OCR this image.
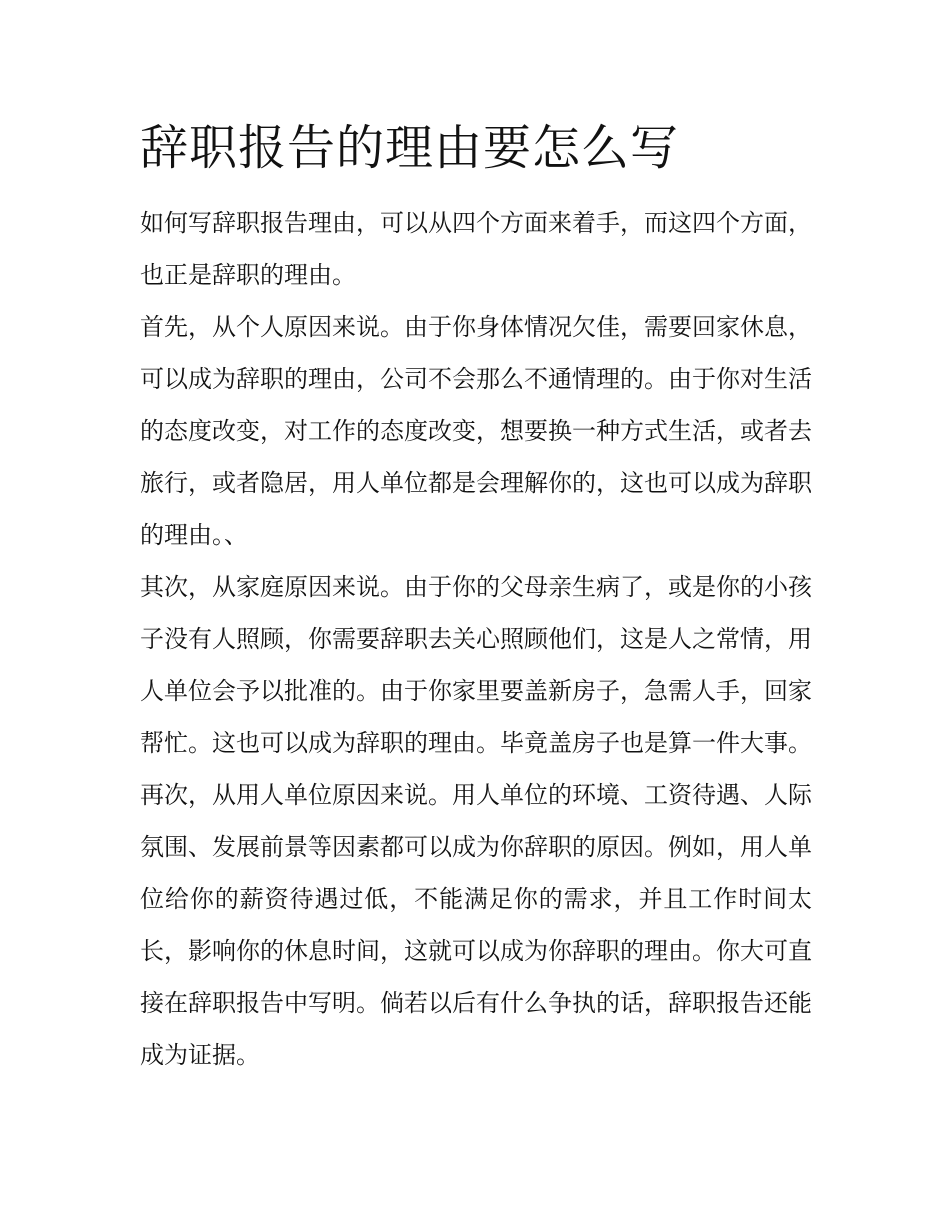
辞职报告的理由要怎么写

如何写辞职报告理由，可以从四个方面来着手，而这四个方面，也正是辞职的理由。

首先，从个人原因来说。由于你身体情况欠佳，需要回家休息，可以成为辞职的理由，公司不会那么不通情理的。由于你对生活的态度改变，对工作的态度改变，想要换一种方式生活，或者去旅行，或者隐居，用人单位都是会理解你的，这也可以成为辞职的理由。、

其次，从家庭原因来说。由于你的父母亲生病了，或是你的小孩子没有人照顾，你需要辞职去关心照顾他们，这是人之常情，用人单位会予以批准的。由于你家里要盖新房子，急需人手，回家帮忙。这也可以成为辞职的理由。毕竟盖房子也是算一件大事。

再次，从用人单位原因来说。用人单位的环境、工资待遇、人际氛围、发展前景等因素都可以成为你辞职的原因。例如，用人单位给你的薪资待遇过低，不能满足你的需求，并且工作时间太长，影响你的休息时间，这就可以成为你辞职的理由。你大可直接在辞职报告中写明。倘若以后有什么争执的话，辞职报告还能成为证据。
